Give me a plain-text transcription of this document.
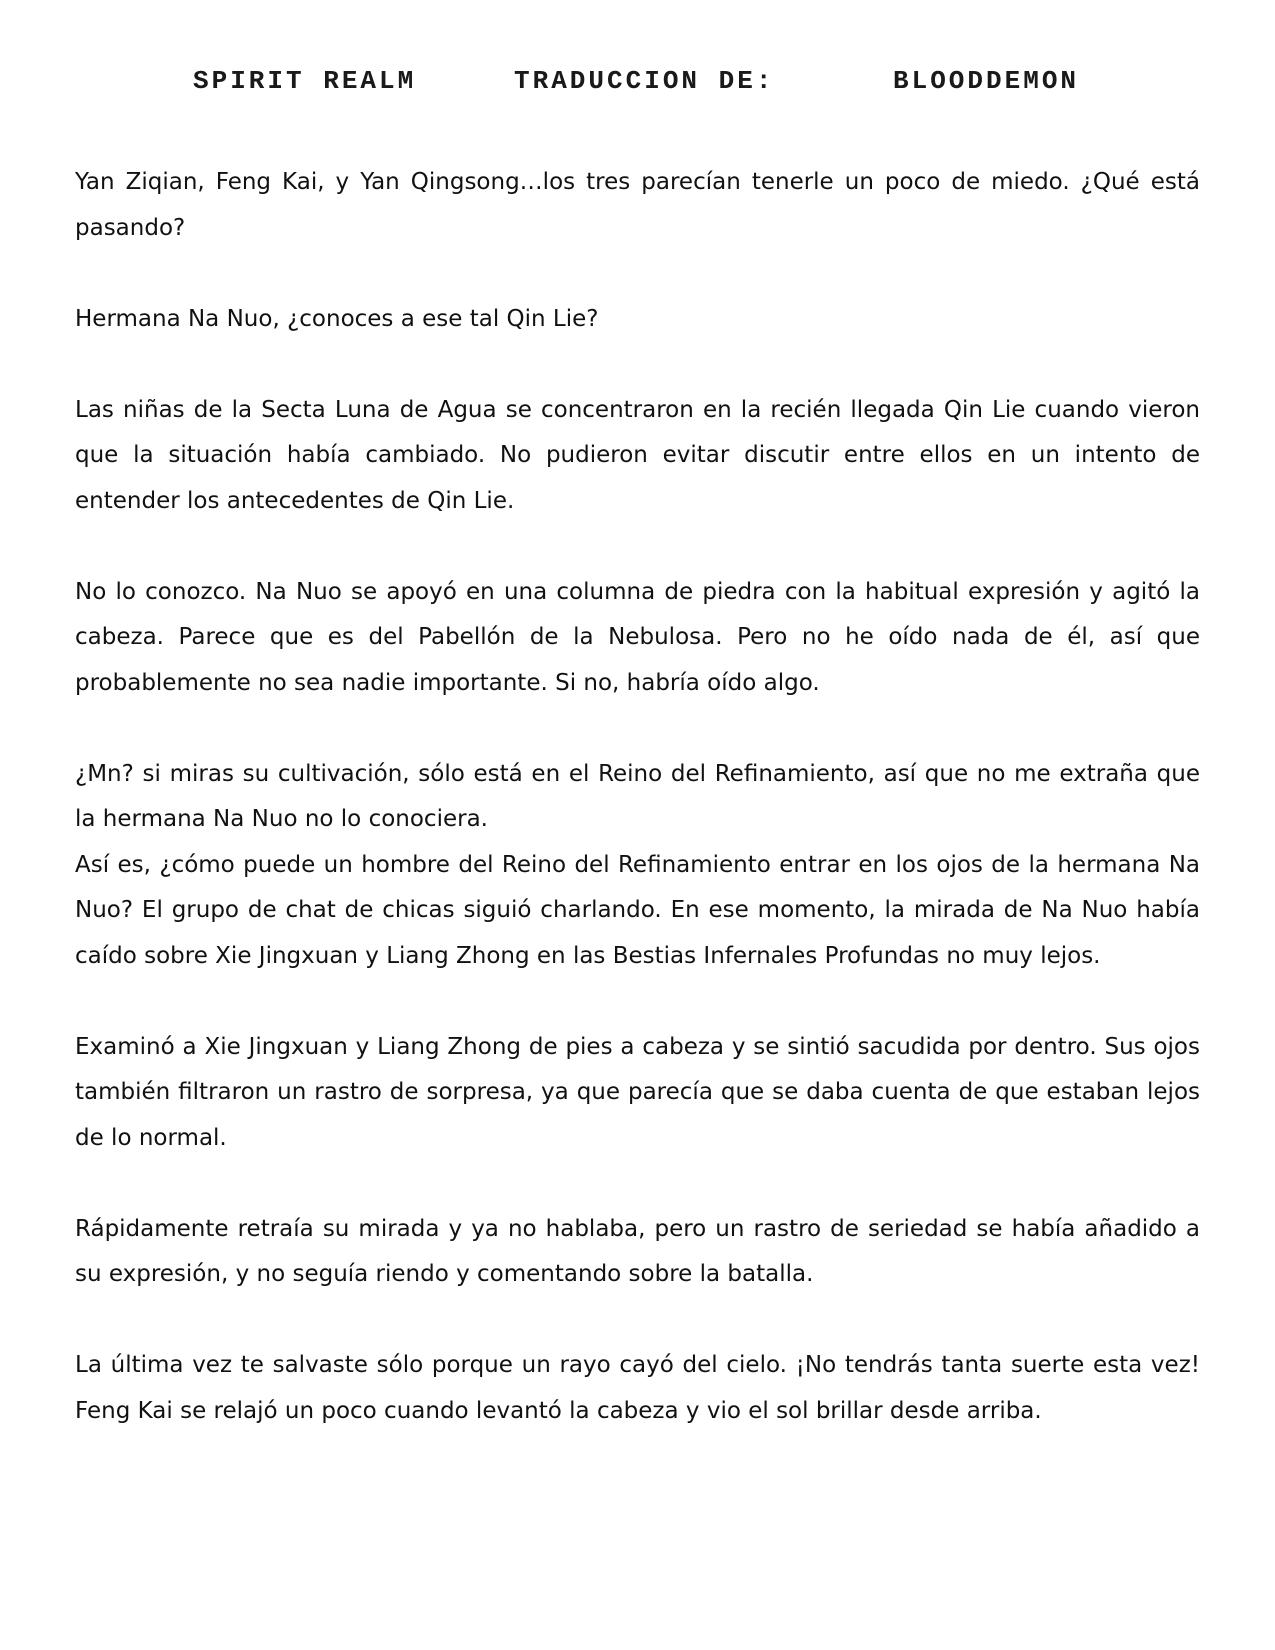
SPIRIT REALM	TRADUCCION DE:	BLOODDEMON

Yan Ziqian, Feng Kai, y Yan Qingsong…los tres parecían tenerle un poco de miedo. ¿Qué está pasando?

Hermana Na Nuo, ¿conoces a ese tal Qin Lie?

Las niñas de la Secta Luna de Agua se concentraron en la recién llegada Qin Lie cuando vieron que la situación había cambiado. No pudieron evitar discutir entre ellos en un intento de entender los antecedentes de Qin Lie.

No lo conozco. Na Nuo se apoyó en una columna de piedra con la habitual expresión y agitó la cabeza. Parece que es del Pabellón de la Nebulosa. Pero no he oído nada de él, así que probablemente no sea nadie importante. Si no, habría oído algo.

¿Mn? si miras su cultivación, sólo está en el Reino del Refinamiento, así que no me extraña que la hermana Na Nuo no lo conociera.

Así es, ¿cómo puede un hombre del Reino del Refinamiento entrar en los ojos de la hermana Na Nuo? El grupo de chat de chicas siguió charlando. En ese momento, la mirada de Na Nuo había caído sobre Xie Jingxuan y Liang Zhong en las Bestias Infernales Profundas no muy lejos.

Examinó a Xie Jingxuan y Liang Zhong de pies a cabeza y se sintió sacudida por dentro. Sus ojos también filtraron un rastro de sorpresa, ya que parecía que se daba cuenta de que estaban lejos de lo normal.

Rápidamente retraía su mirada y ya no hablaba, pero un rastro de seriedad se había añadido a su expresión, y no seguía riendo y comentando sobre la batalla.

La última vez te salvaste sólo porque un rayo cayó del cielo. ¡No tendrás tanta suerte esta vez! Feng Kai se relajó un poco cuando levantó la cabeza y vio el sol brillar desde arriba.
